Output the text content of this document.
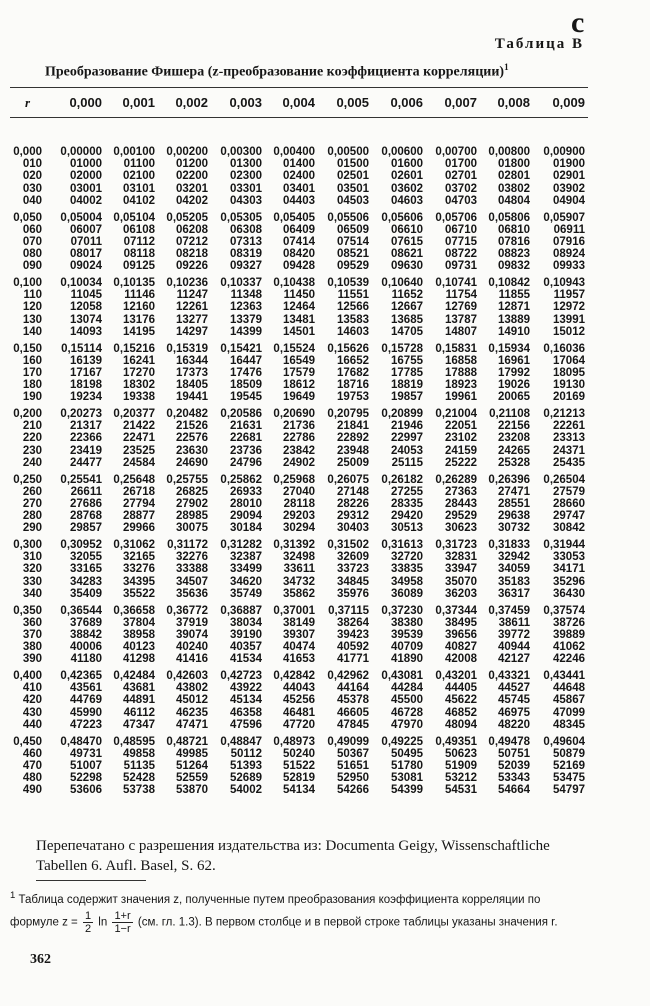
с
Таблица В
Преобразование Фишера (z-преобразование коэффициента корреляции)$^1$
r	0,000	0,001	0,002	0,003	0,004	0,005	0,006	0,007	0,008	0,009
0,000	0,00000 0,00100 0,00200	0,00300 0,00400	0,00500	0,00600	0,00700 0,00800	0,00900
010	01000	01100	01200	01300	01400	01500	01600	01700	01800	01900
020	02000	02100	02200	02300	02400	02501	02601	02701	02801	02901
030	03001	03101	03201	03301	03401	03501	03602	03702	03802	03902
040	04002	04102	04202	04303	04403	04503	04603	04703	04804	04904
0,050	0,05004 0,05104 0,05205	0,05305 0,05405	0,05506	0,05606	0,05706 0,05806	0,05907
060	06007	06108	06208	06308	06409	06509	06610	06710	06810	06911
070	07011	07112	07212	07313	07414	07514	07615	07715	07816	07916
080	08017	08118	08218	08319	08420	08521	08621	08722	08823	08924
090	09024	09125	09226	09327	09428	09529	09630	09731	09832	09933
0,100	0,10034 0,10135 0,10236	0,10337 0,10438	0,10539	0,10640	0,10741 0,10842	0,10943
110	11045	11146	11247	11348	11450	11551	11652	11754	11855	11957
120	12058	12160	12261	12363	12464	12566	12667	12769	12871	12972
130	13074	13176	13277	13379	13481	13583	13685	13787	13889	13991
140	14093	14195	14297	14399	14501	14603	14705	14807	14910	15012
0,150	0,15114 0,15216 0,15319	0,15421 0,15524	0,15626	0,15728	0,15831 0,15934	0,16036
160	16139	16241	16344	16447	16549	16652	16755	16858	16961	17064
170	17167	17270	17373	17476	17579	17682	17785	17888	17992	18095
180	18198	18302	18405	18509	18612	18716	18819	18923	19026	19130
190	19234	19338	19441	19545	19649	19753	19857	19961	20065	20169
0,200	0,20273 0,20377 0,20482	0,20586 0,20690	0,20795	0,20899	0,21004	0,21108	0,21213
210	21317	21422	21526	21631	21736	21841	21946	22051	22156	22261
220	22366	22471	22576	22681	22786	22892	22997	23102	23208	23313
230	23419	23525	23630	23736	23842	23948	24053	24159	24265	24371
240	24477	24584	24690	24796	24902	25009	25115	25222	25328	25435
0,250	0,25541 0,25648 0,25755	0,25862 0,25968	0,26075	0,26182	0,26289 0,26396	0,26504
260	26611	26718	26825	26933	27040	27148	27255	27363	27471	27579
270	27686	27794	27902	28010	28118	28226	28335	28443	28551	28660
280	28768	28877	28985	29094	29203	29312	29420	29529	29638	29747
290	29857	29966	30075	30184	30294	30403	30513	30623	30732	30842
0,300	0,30952 0,31062	0,31172	0,31282 0,31392	0,31502	0,31613	0,31723 0,31833	0,31944
310	32055	32165	32276	32387	32498	32609	32720	32831	32942	33053
320	33165	33276	33388	33499	33611	33723	33835	33947	34059	34171
330	34283	34395	34507	34620	34732	34845	34958	35070	35183	35296
340	35409	35522	35636	35749	35862	35976	36089	36203	36317	36430
0,350	0,36544 0,36658 0,36772	0,36887 0,37001	0,37115	0,37230	0,37344 0,37459	0,37574
360	37689	37804	37919	38034	38149	38264	38380	38495	38611	38726
370	38842	38958	39074	39190	39307	39423	39539	39656	39772	39889
380	40006	40123	40240	40357	40474	40592	40709	40827	40944	41062
390	41180	41298	41416	41534	41653	41771	41890	42008	42127	42246
0,400	0,42365 0,42484 0,42603	0,42723 0,42842	0,42962	0,43081	0,43201 0,43321	0,43441
410	43561	43681	43802	43922	44043	44164	44284	44405	44527	44648
420	44769	44891	45012	45134	45256	45378	45500	45622	45745	45867
430	45990	46112	46235	46358	46481	46605	46728	46852	46975	47099
440	47223	47347	47471	47596	47720	47845	47970	48094	48220	48345
0,450	0,48470 0,48595 0,48721	0,48847 0,48973	0,49099	0,49225	0,49351 0,49478	0,49604
460	49731	49858	49985	50112	50240	50367	50495	50623	50751	50879
470	51007	51135	51264	51393	51522	51651	51780	51909	52039	52169
480	52298	52428	52559	52689	52819	52950	53081	53212	53343	53475
490	53606	53738	53870	54002	54134	54266	54399	54531	54664	54797
Перепечатано с разрешения издательства из: Documenta Geigy, Wissenschaftliche Tabellen 6. Aufl. Basel, S. 62.
$^1$ Таблица содержит значения z, полученные путем преобразования коэффициента корреляции по формуле $z = \frac{1}{2}$ $\ln \frac{1+r}{1-r} (см$. гл. 1.3). В первом столбце и в первой строке таблицы указаны значения r.
362
